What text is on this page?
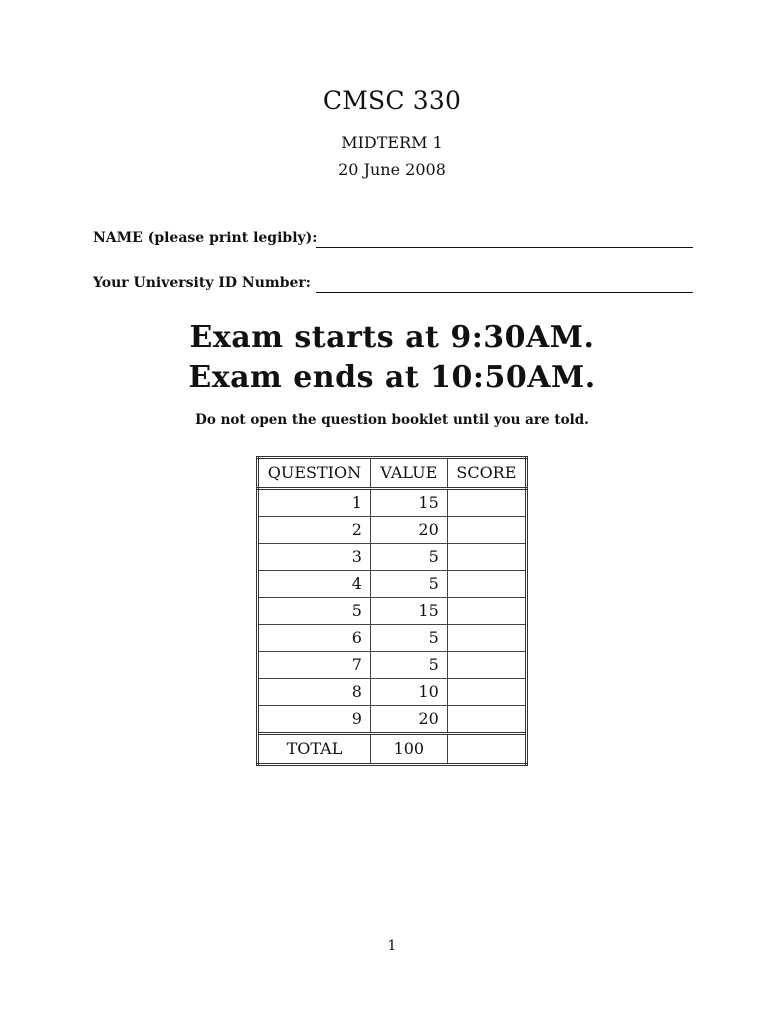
CMSC 330
MIDTERM 1
20 June 2008
NAME (please print legibly):
Your University ID Number:
Exam starts at 9:30AM.
Exam ends at 10:50AM.
Do not open the question booklet until you are told.
QUESTION	VALUE	SCORE
1	15	
2	20	
3	5	
4	5	
5	15	
6	5	
7	5	
8	10	
9	20	
TOTAL	100	
1
